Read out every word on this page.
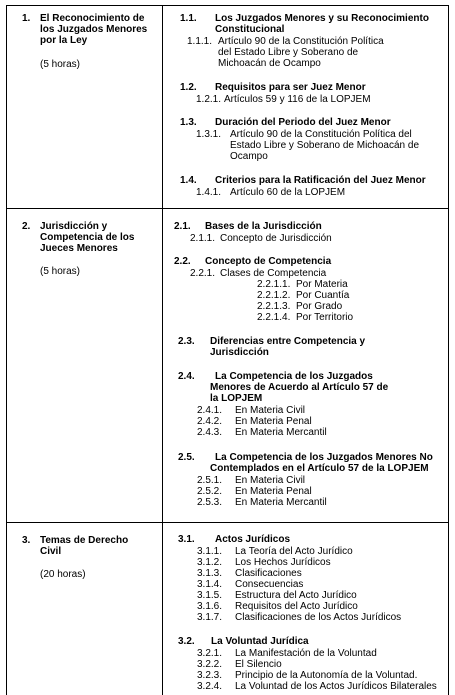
1. El Reconocimiento de
los Juzgados Menores
por la Ley
(5 horas)
1.1. Los Juzgados Menores y su Reconocimiento
Constitucional
1.1.1. Artículo 90 de la Constitución Política
del Estado Libre y Soberano de
Michoacán de Ocampo
1.2. Requisitos para ser Juez Menor
1.2.1. Artículos 59 y 116 de la LOPJEM
1.3. Duración del Periodo del Juez Menor
1.3.1. Artículo 90 de la Constitución Política del
Estado Libre y Soberano de Michoacán de
Ocampo
1.4. Criterios para la Ratificación del Juez Menor
1.4.1. Artículo 60 de la LOPJEM
2. Jurisdicción y
Competencia de los
Jueces Menores
(5 horas)
2.1. Bases de la Jurisdicción
2.1.1. Concepto de Jurisdicción
2.2. Concepto de Competencia
2.2.1. Clases de Competencia
2.2.1.1. Por Materia
2.2.1.2. Por Cuantía
2.2.1.3. Por Grado
2.2.1.4. Por Territorio
2.3. Diferencias entre Competencia y
Jurisdicción
2.4. La Competencia de los Juzgados
Menores de Acuerdo al Artículo 57 de
la LOPJEM
2.4.1. En Materia Civil
2.4.2. En Materia Penal
2.4.3. En Materia Mercantil
2.5. La Competencia de los Juzgados Menores No
Contemplados en el Artículo 57 de la LOPJEM
2.5.1. En Materia Civil
2.5.2. En Materia Penal
2.5.3. En Materia Mercantil
3. Temas de Derecho
Civil
(20 horas)
3.1. Actos Jurídicos
3.1.1. La Teoría del Acto Jurídico
3.1.2. Los Hechos Jurídicos
3.1.3. Clasificaciones
3.1.4. Consecuencias
3.1.5. Estructura del Acto Jurídico
3.1.6. Requisitos del Acto Jurídico
3.1.7. Clasificaciones de los Actos Jurídicos
3.2. La Voluntad Jurídica
3.2.1. La Manifestación de la Voluntad
3.2.2. El Silencio
3.2.3. Principio de la Autonomía de la Voluntad.
3.2.4. La Voluntad de los Actos Jurídicos Bilaterales
